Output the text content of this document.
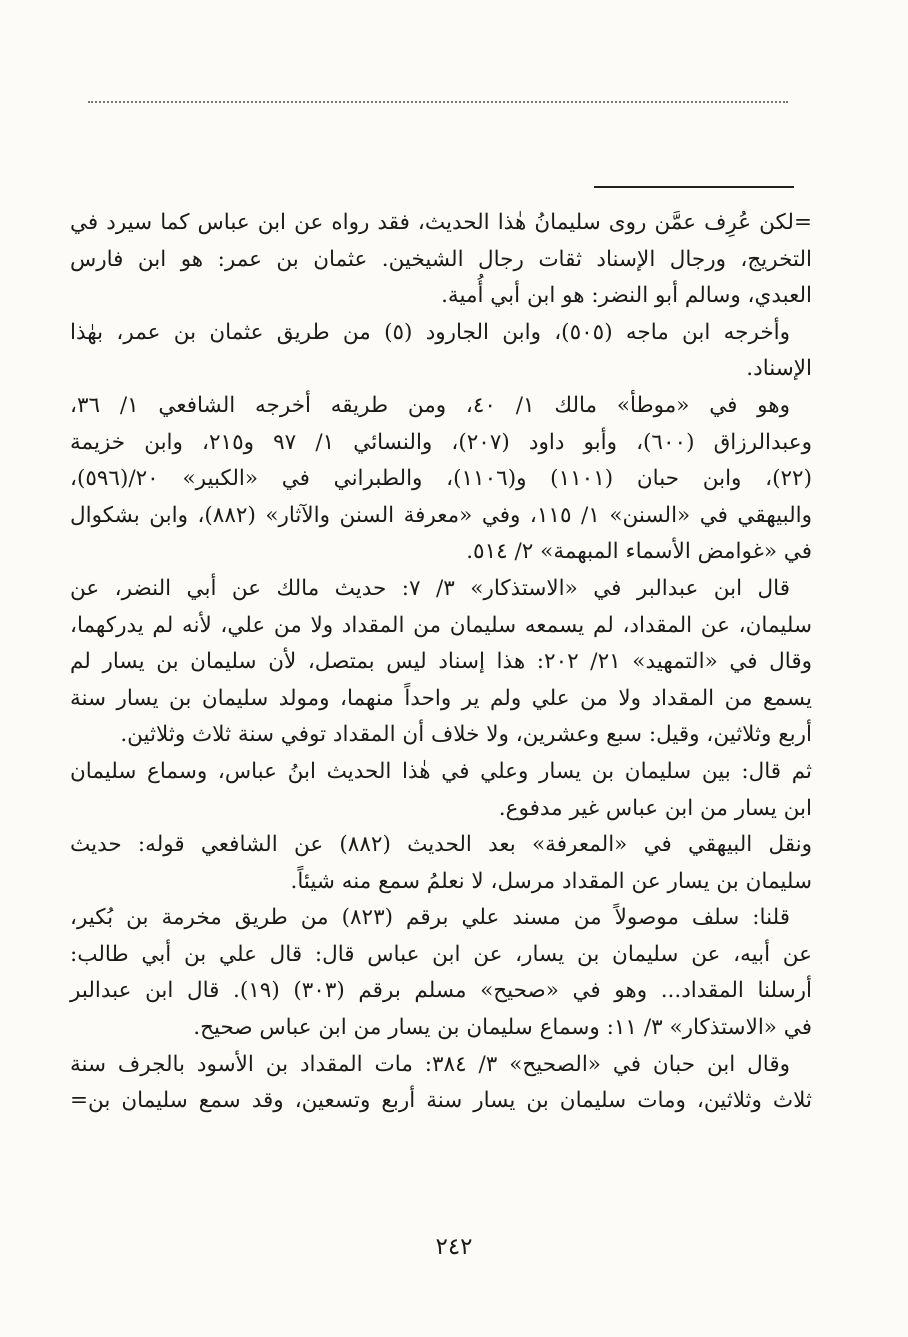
=لكن عُرِف عمَّن روى سليمانُ هٰذا الحديث، فقد رواه عن ابن عباس كما سيرد في
التخريج، ورجال الإسناد ثقات رجال الشيخين. عثمان بن عمر: هو ابن فارس
العبدي، وسالم أبو النضر: هو ابن أبي أُمية.
وأخرجه ابن ماجه (٥٠٥)، وابن الجارود (٥) من طريق عثمان بن عمر، بهٰذا
الإسناد.
وهو في «موطأ» مالك ١/ ٤٠، ومن طريقه أخرجه الشافعي ١/ ٣٦،
وعبدالرزاق (٦٠٠)، وأبو داود (٢٠٧)، والنسائي ١/ ٩٧ و٢١٥، وابن خزيمة
(٢٢)، وابن حبان (١١٠١) و(١١٠٦)، والطبراني في «الكبير» ٢٠/(٥٩٦)،
والبيهقي في «السنن» ١/ ١١٥، وفي «معرفة السنن والآثار» (٨٨٢)، وابن بشكوال
في «غوامض الأسماء المبهمة» ٢/ ٥١٤.
قال ابن عبدالبر في «الاستذكار» ٣/ ٧: حديث مالك عن أبي النضر، عن
سليمان، عن المقداد، لم يسمعه سليمان من المقداد ولا من علي، لأنه لم يدركهما،
وقال في «التمهيد» ٢١/ ٢٠٢: هذا إسناد ليس بمتصل، لأن سليمان بن يسار لم
يسمع من المقداد ولا من علي ولم ير واحداً منهما، ومولد سليمان بن يسار سنة
أربع وثلاثين، وقيل: سبع وعشرين، ولا خلاف أن المقداد توفي سنة ثلاث وثلاثين.
ثم قال: بين سليمان بن يسار وعلي في هٰذا الحديث ابنُ عباس، وسماع سليمان
ابن يسار من ابن عباس غير مدفوع.
ونقل البيهقي في «المعرفة» بعد الحديث (٨٨٢) عن الشافعي قوله: حديث
سليمان بن يسار عن المقداد مرسل، لا نعلمُ سمع منه شيئاً.
قلنا: سلف موصولاً من مسند علي برقم (٨٢٣) من طريق مخرمة بن بُكير،
عن أبيه، عن سليمان بن يسار، عن ابن عباس قال: قال علي بن أبي طالب:
أرسلنا المقداد... وهو في «صحيح» مسلم برقم (٣٠٣) (١٩). قال ابن عبدالبر
في «الاستذكار» ٣/ ١١: وسماع سليمان بن يسار من ابن عباس صحيح.
وقال ابن حبان في «الصحيح» ٣/ ٣٨٤: مات المقداد بن الأسود بالجرف سنة
ثلاث وثلاثين، ومات سليمان بن يسار سنة أربع وتسعين، وقد سمع سليمان بن=
٢٤٢
